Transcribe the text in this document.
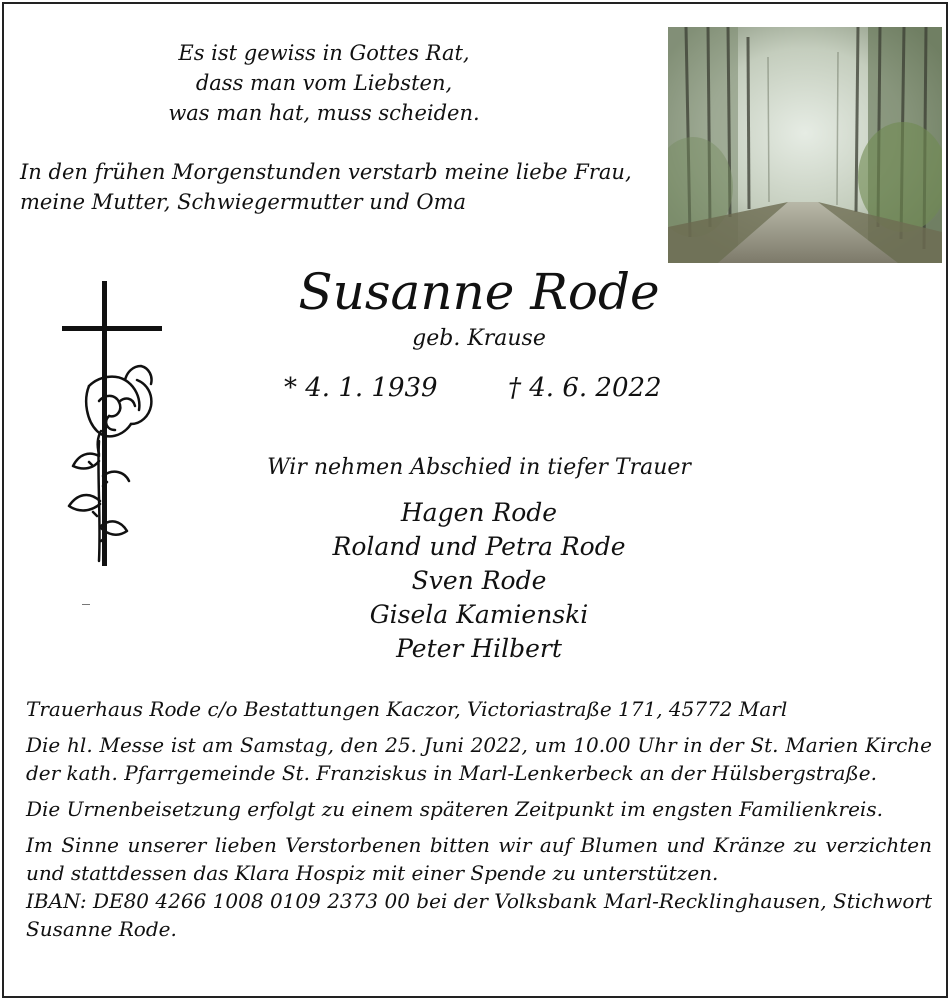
Es ist gewiss in Gottes Rat,
dass man vom Liebsten,
was man hat, muss scheiden.
In den frühen Morgenstunden verstarb meine liebe Frau,
meine Mutter, Schwiegermutter und Oma
Susanne Rode
geb. Krause
* 4. 1. 1939	† 4. 6. 2022
Wir nehmen Abschied in tiefer Trauer
Hagen Rode
Roland und Petra Rode
Sven Rode
Gisela Kamienski
Peter Hilbert

Trauerhaus Rode c/o Bestattungen Kaczor, Victoriastraße 171, 45772 Marl

Die hl. Messe ist am Samstag, den 25. Juni 2022, um 10.00 Uhr in der St. Marien Kirche der kath. Pfarrgemeinde St. Franziskus in Marl-Lenkerbeck an der Hülsbergstraße.

Die Urnenbeisetzung erfolgt zu einem späteren Zeitpunkt im engsten Familienkreis.

Im Sinne unserer lieben Verstorbenen bitten wir auf Blumen und Kränze zu verzichten und stattdessen das Klara Hospiz mit einer Spende zu unterstützen.
IBAN: DE80 4266 1008 0109 2373 00 bei der Volksbank Marl-Recklinghausen, Stichwort Susanne Rode.
